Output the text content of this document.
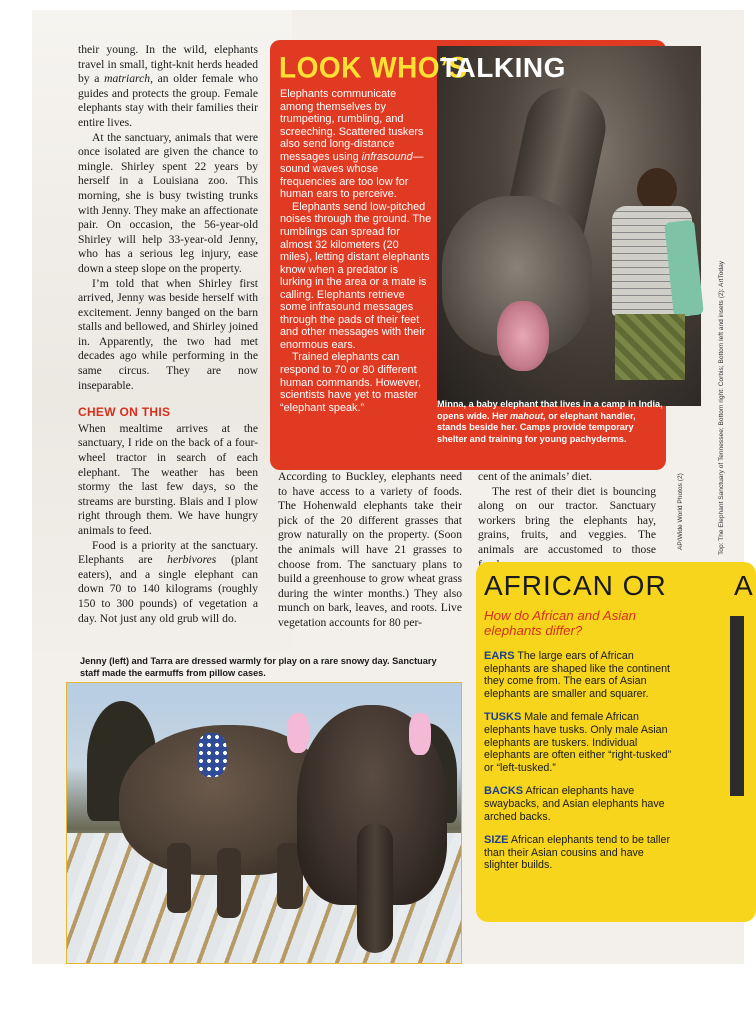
their young. In the wild, elephants travel in small, tight-knit herds headed by a matriarch, an older female who guides and protects the group. Female elephants stay with their families their entire lives.

At the sanctuary, animals that were once isolated are given the chance to mingle. Shirley spent 22 years by herself in a Louisiana zoo. This morning, she is busy twisting trunks with Jenny. They make an affectionate pair. On occasion, the 56-year-old Shirley will help 33-year-old Jenny, who has a serious leg injury, ease down a steep slope on the property.

I’m told that when Shirley first arrived, Jenny was beside herself with excitement. Jenny banged on the barn stalls and bellowed, and Shirley joined in. Apparently, the two had met decades ago while performing in the same circus. They are now inseparable.

CHEW ON THIS

When mealtime arrives at the sanctuary, I ride on the back of a four-wheel tractor in search of each elephant. The weather has been stormy the last few days, so the streams are bursting. Blais and I plow right through them. We have hungry animals to feed.

Food is a priority at the sanctuary. Elephants are herbivores (plant eaters), and a single elephant can down 70 to 140 kilograms (roughly 150 to 300 pounds) of vegetation a day. Not just any old grub will do.

LOOK WHO’S
TALKING

Elephants communicate among themselves by trumpeting, rumbling, and screeching. Scattered tuskers also send long-distance messages using infrasound—sound waves whose frequencies are too low for human ears to perceive.

Elephants send low-pitched noises through the ground. The rumblings can spread for almost 32 kilometers (20 miles), letting distant elephants know when a predator is lurking in the area or a mate is calling. Elephants retrieve some infrasound messages through the pads of their feet and other messages with their enormous ears.

Trained elephants can respond to 70 or 80 different human commands. However, scientists have yet to master “elephant speak.”	Minna, a baby elephant that lives in a camp in India, opens wide. Her mahout, or elephant handler, stands beside her. Camps provide temporary shelter and training for young pachyderms.

According to Buckley, elephants need to have access to a variety of foods. The Hohenwald elephants take their pick of the 20 different grasses that grow naturally on the property. (Soon the animals will have 21 grasses to choose from. The sanctuary plans to build a greenhouse to grow wheat grass during the winter months.) They also munch on bark, leaves, and roots. Live vegetation accounts for 80 per-

cent of the animals’ diet.

The rest of their diet is bouncing along on our tractor. Sanctuary workers bring the elephants hay, grains, fruits, and veggies. The animals are accustomed to those	AP/Wide World Photos (2)	Top: The Elephant Sanctuary of Tennessee; Bottom right: Corbis; Bottom left and insets (2): ArtToday
Jenny (left) and Tarra are dressed warmly for play on a rare snowy day. Sanctuary staff made the earmuffs from pillow cases.
AFRICAN OR A
How do African and Asian elephants differ?
EARS The large ears of African elephants are shaped like the continent they come from. The ears of Asian elephants are smaller and squarer.
TUSKS Male and female African elephants have tusks. Only male Asian elephants are tuskers. Individual elephants are often either “right-tusked” or “left-tusked.”
BACKS African elephants have swaybacks, and Asian elephants have arched backs.
SIZE African elephants tend to be taller than their Asian cousins and have slighter builds.
